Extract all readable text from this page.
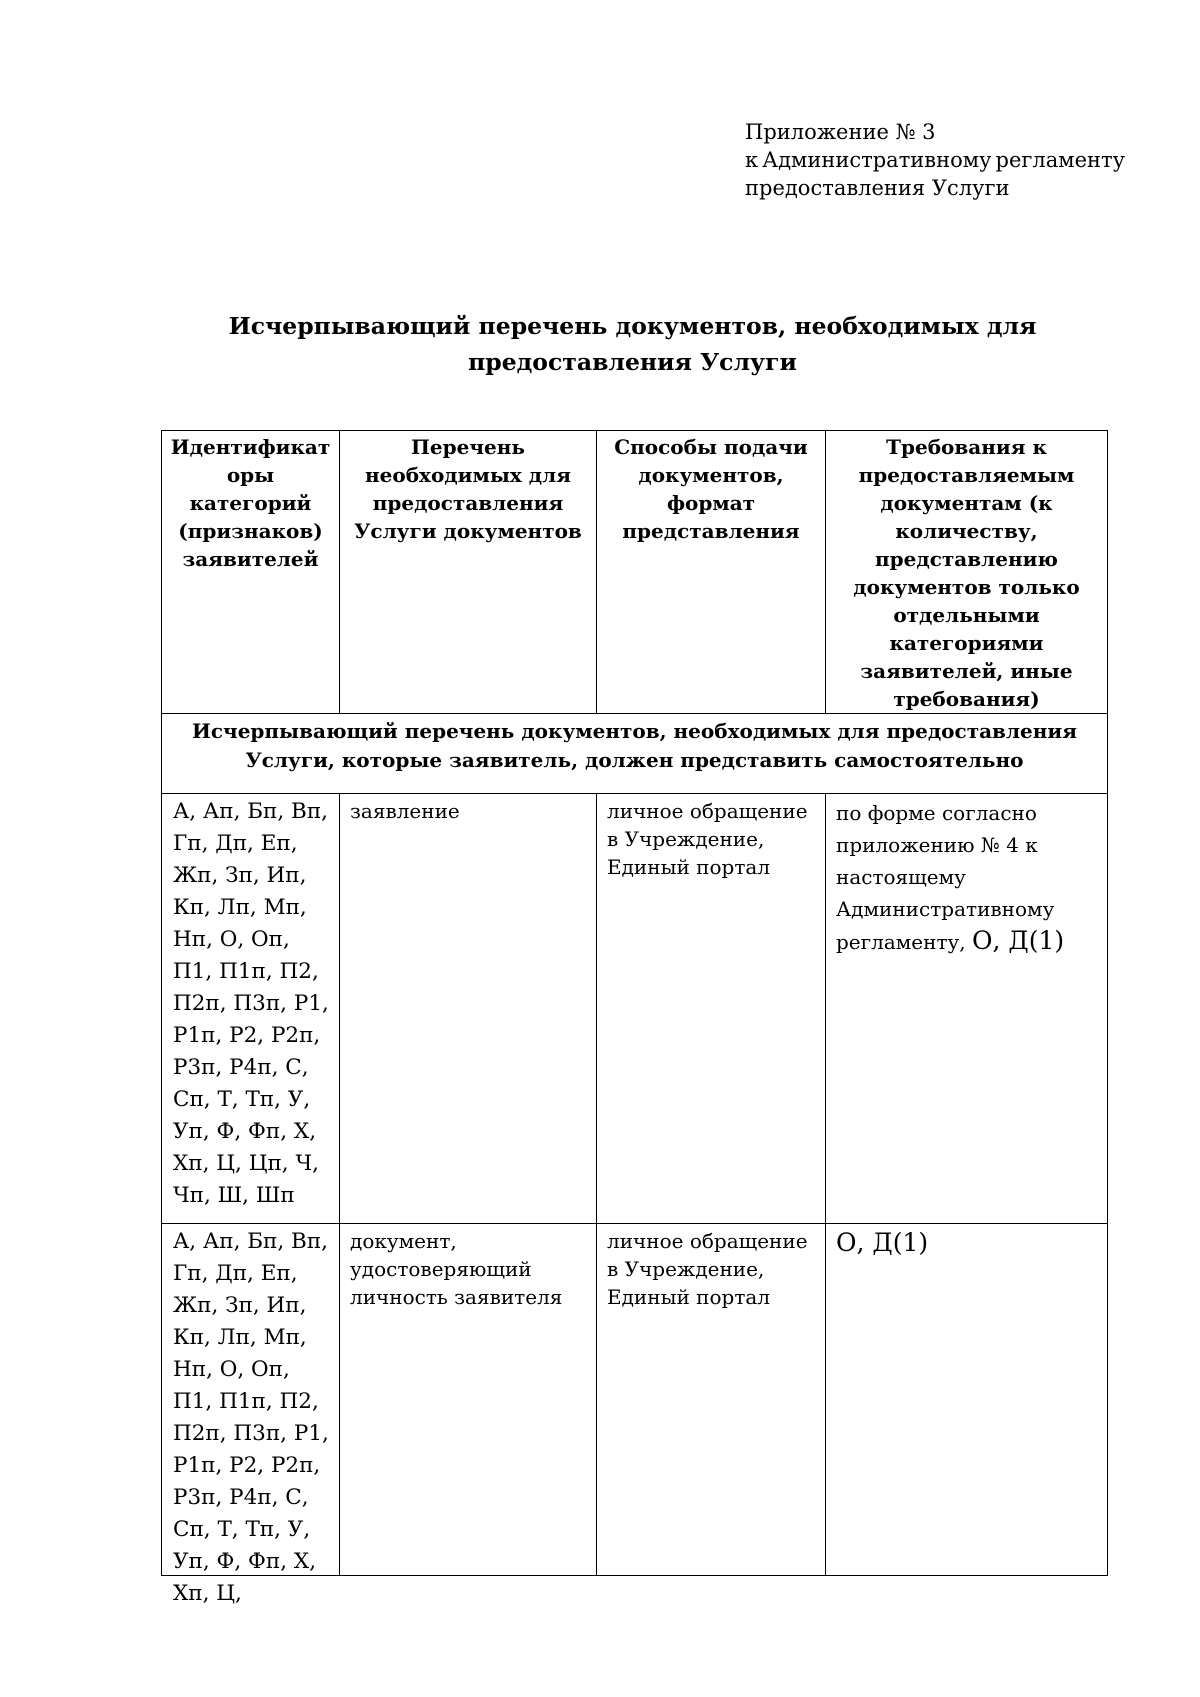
Приложение № 3
к Административному регламенту
предоставления Услуги
Исчерпывающий перечень документов, необходимых для
предоставления Услуги
Идентификат оры категорий (признаков) заявителей	Перечень необходимых для предоставления Услуги документов	Способы подачи документов, формат представления	Требования к предоставляемым документам (к количеству, представлению документов только отдельными категориями заявителей, иные требования)
Исчерпывающий перечень документов, необходимых для предоставления Услуги, которые заявитель, должен представить самостоятельно			
А, Ап, Бп, Вп, Гп, Дп, Еп, Жп, Зп, Ип, Кп, Лп, Мп, Нп, О, Оп, П1, П1п, П2, П2п, П3п, Р1, Р1п, Р2, Р2п, Р3п, Р4п, С, Сп, Т, Тп, У, Уп, Ф, Фп, Х, Хп, Ц, Цп, Ч, Чп, Ш, Шп	заявление	личное обращение в Учреждение, Единый портал	по форме согласно приложению № 4 к настоящему Административному регламенту, О, Д(1)

А, Ап, Бп, Вп, Гп, Дп, Еп, Жп, Зп, Ип, Кп, Лп, Мп, Нп, О, Оп, П1, П1п, П2, П2п, П3п, Р1, Р1п, Р2, Р2п, Р3п, Р4п, С, Сп, Т, Тп, У, Уп, Ф, Фп, Х, Хп, Ц,	документ, удостоверяющий личность заявителя	личное обращение в Учреждение, Единый портал	О, Д(1)
